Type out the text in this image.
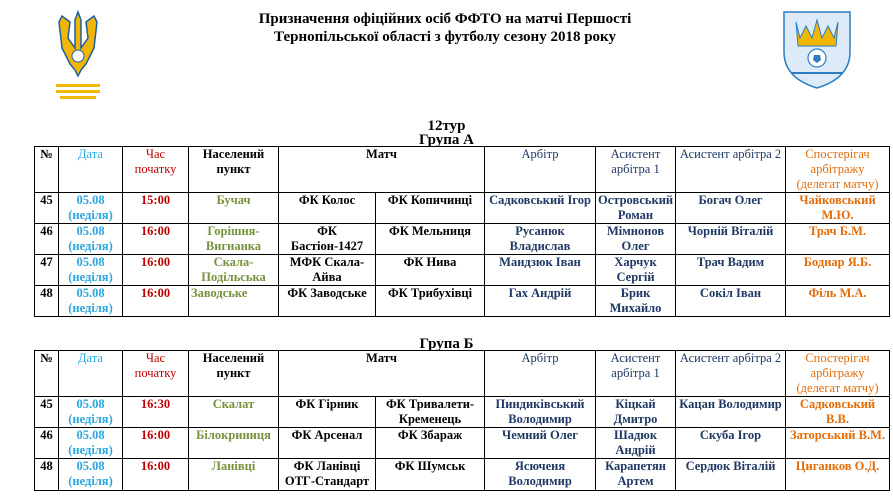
Призначення офіційних осіб ФФТО на матчі Першості
Тернопільської області з футболу сезону 2018 року
12тур
Група А
№	Дата	Час початку	Населений пункт	Матч		Арбітр	Асистент арбітра 1	Асистент арбітра 2	Спостерігач арбітражу (делегат матчу)
45	05.08 (неділя)	15:00	Бучач	ФК Колос	ФК Копичинці	Садковський Ігор	Островський Роман	Богач Олег	Чайковський М.Ю.
46	05.08 (неділя)	16:00	Горішня-Вигнанка	ФК Бастіон-1427	ФК Мельниця	Русанюк Владислав	Мімнонов Олег	Чорній Віталій	Трач Б.М.
47	05.08 (неділя)	16:00	Скала-Подільська	МФК Скала-Айва	ФК Нива	Мандзюк Іван	Харчук Сергій	Трач Вадим	Боднар Я.Б.
48	05.08 (неділя)	16:00	Заводське	ФК Заводське	ФК Трибухівці	Гах Андрій	Брик Михайло	Сокіл Іван	Філь М.А.
Група Б
№	Дата	Час початку	Населений пункт	Матч		Арбітр	Асистент арбітра 1	Асистент арбітра 2	Спостерігач арбітражу (делегат матчу)
45	05.08 (неділя)	16:30	Скалат	ФК Гірник	ФК Тривалети-Кременець	Пиндиківський Володимир	Кіцкай Дмитро	Кацан Володимир	Садковський В.В.
46	05.08 (неділя)	16:00	Білокриниця	ФК Арсенал	ФК Збараж	Чемний Олег	Шадюк Андрій	Скуба Ігор	Заторський В.М.
48	05.08 (неділя)	16:00	Ланівці	ФК Ланівці ОТГ-Стандарт	ФК Шумськ	Ясюченя Володимир	Карапетян Артем	Сердюк Віталій	Циганков О.Д.
